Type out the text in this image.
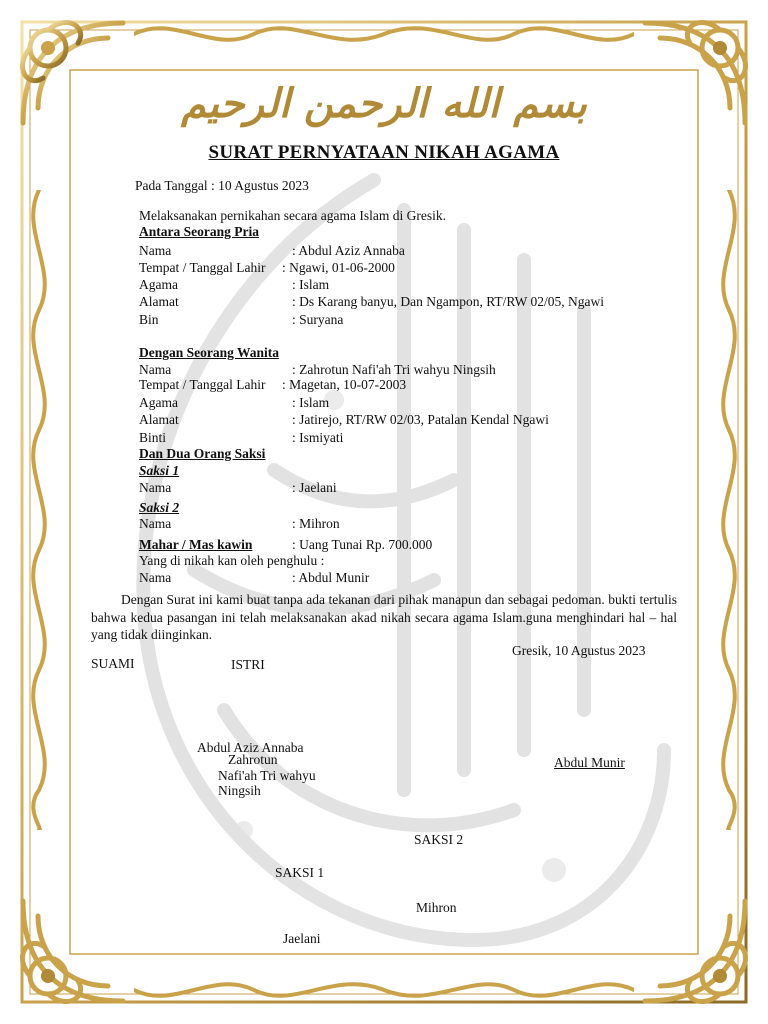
بسم الله الرحمن الرحيم
SURAT PERNYATAAN NIKAH AGAMA
Pada Tanggal : 10 Agustus 2023
Melaksanakan pernikahan secara agama Islam di Gresik.
Antara Seorang Pria
Nama	: Abdul Aziz Annaba
Tempat / Tanggal Lahir : Ngawi, 01-06-2000
Agama	: Islam
Alamat	: Ds Karang banyu, Dan Ngampon, RT/RW 02/05, Ngawi
Bin	: Suryana
Dengan Seorang Wanita
Nama	: Zahrotun Nafi'ah Tri wahyu Ningsih
Tempat / Tanggal Lahir : Magetan, 10-07-2003
Agama	: Islam
Alamat	: Jatirejo, RT/RW 02/03, Patalan Kendal Ngawi
Binti	: Ismiyati
Dan Dua Orang Saksi
Saksi 1
Nama	: Jaelani
Saksi 2
Nama	: Mihron
Mahar / Mas kawin	: Uang Tunai Rp. 700.000
Yang di nikah kan oleh penghulu :
Nama	: Abdul Munir
Dengan Surat ini kami buat tanpa ada tekanan dari pihak manapun dan sebagai pedoman. bukti tertulis bahwa kedua pasangan ini telah melaksanakan akad nikah secara agama Islam.guna menghindari hal – hal yang tidak diinginkan.
Gresik, 10 Agustus 2023
SUAMI	ISTRI
Abdul Aziz Annaba
Zahrotun
Nafi'ah Tri wahyu
Ningsih
Abdul Munir
SAKSI 2
SAKSI 1
Mihron
Jaelani
